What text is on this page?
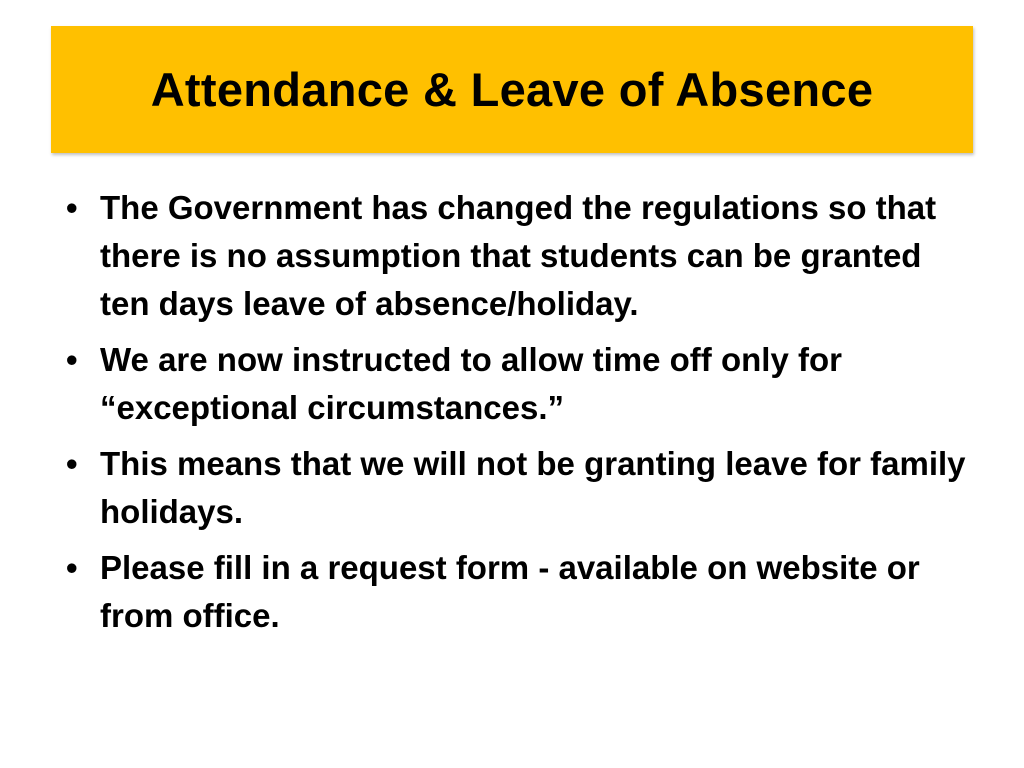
Attendance & Leave of Absence
• The Government has changed the regulations so that there is no assumption that students can be granted ten days leave of absence/holiday.
• We are now instructed to allow time off only for “exceptional circumstances.”
• This means that we will not be granting leave for family holidays.
• Please fill in a request form - available on website or from office.
